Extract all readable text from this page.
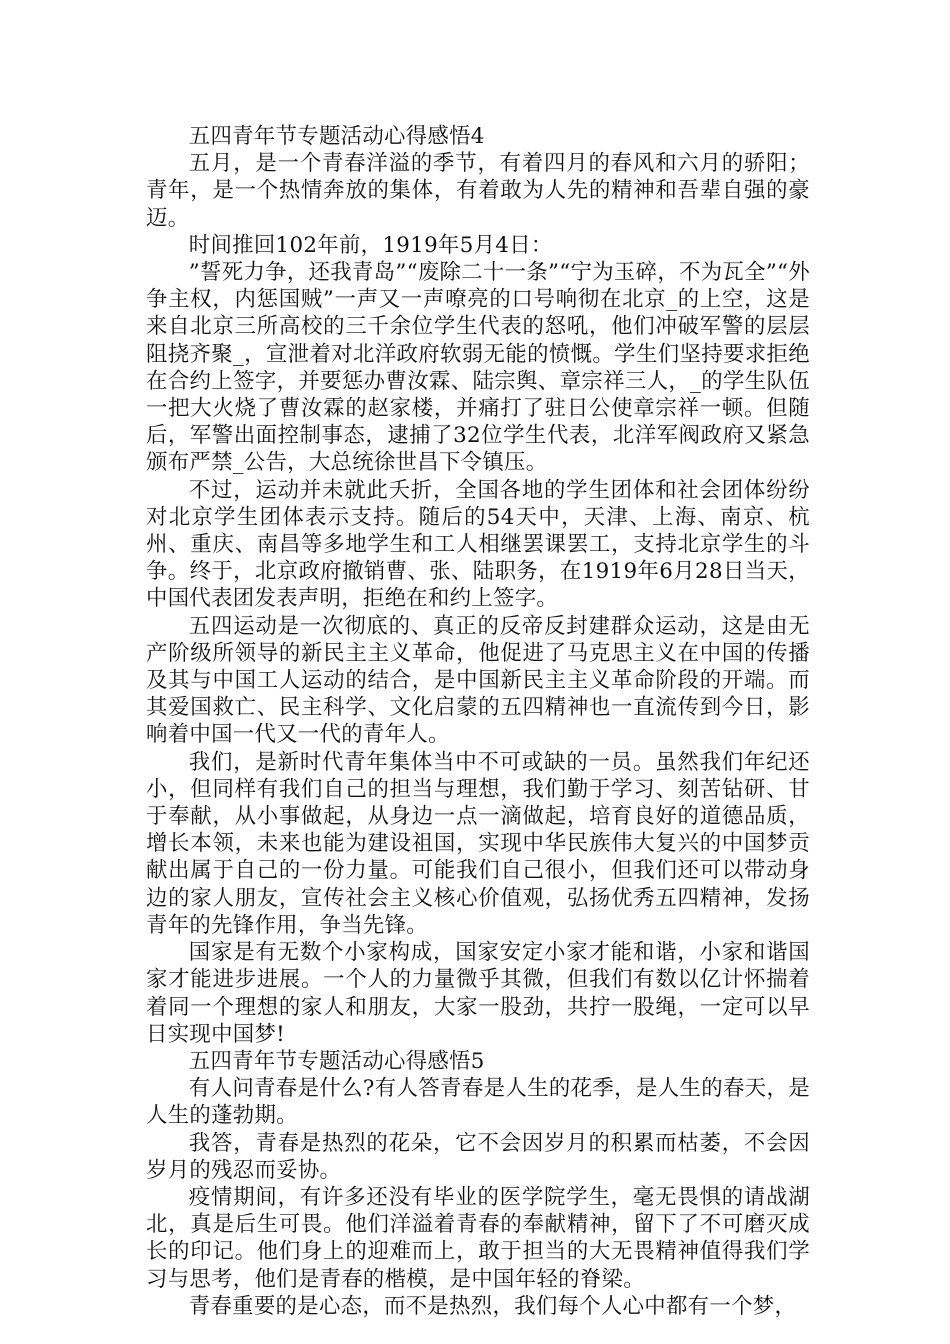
五四青年节专题活动心得感悟4

五月，是一个青春洋溢的季节，有着四月的春风和六月的骄阳；青年，是一个热情奔放的集体，有着敢为人先的精神和吾辈自强的豪迈。

时间推回102年前，1919年5月4日：

”誓死力争，还我青岛”“废除二十一条”“宁为玉碎，不为瓦全”“外争主权，内惩国贼”一声又一声嘹亮的口号响彻在北京_的上空，这是来自北京三所高校的三千余位学生代表的怒吼，他们冲破军警的层层阻挠齐聚_，宣泄着对北洋政府软弱无能的愤慨。学生们坚持要求拒绝在合约上签字，并要惩办曹汝霖、陆宗舆、章宗祥三人，_的学生队伍一把大火烧了曹汝霖的赵家楼，并痛打了驻日公使章宗祥一顿。但随后，军警出面控制事态，逮捕了32位学生代表，北洋军阀政府又紧急颁布严禁_公告，大总统徐世昌下令镇压。

不过，运动并未就此夭折，全国各地的学生团体和社会团体纷纷对北京学生团体表示支持。随后的54天中，天津、上海、南京、杭州、重庆、南昌等多地学生和工人相继罢课罢工，支持北京学生的斗争。终于，北京政府撤销曹、张、陆职务，在1919年6月28日当天，中国代表团发表声明，拒绝在和约上签字。

五四运动是一次彻底的、真正的反帝反封建群众运动，这是由无产阶级所领导的新民主主义革命，他促进了马克思主义在中国的传播及其与中国工人运动的结合，是中国新民主主义革命阶段的开端。而其爱国救亡、民主科学、文化启蒙的五四精神也一直流传到今日，影响着中国一代又一代的青年人。

我们，是新时代青年集体当中不可或缺的一员。虽然我们年纪还小，但同样有我们自己的担当与理想，我们勤于学习、刻苦钻研、甘于奉献，从小事做起，从身边一点一滴做起，培育良好的道德品质，增长本领，未来也能为建设祖国，实现中华民族伟大复兴的中国梦贡献出属于自己的一份力量。可能我们自己很小，但我们还可以带动身边的家人朋友，宣传社会主义核心价值观，弘扬优秀五四精神，发扬青年的先锋作用，争当先锋。

国家是有无数个小家构成，国家安定小家才能和谐，小家和谐国家才能进步进展。一个人的力量微乎其微，但我们有数以亿计怀揣着着同一个理想的家人和朋友，大家一股劲，共拧一股绳，一定可以早日实现中国梦!

五四青年节专题活动心得感悟5

有人问青春是什么?有人答青春是人生的花季，是人生的春天，是人生的蓬勃期。

我答，青春是热烈的花朵，它不会因岁月的积累而枯萎，不会因岁月的残忍而妥协。

疫情期间，有许多还没有毕业的医学院学生，毫无畏惧的请战湖北，真是后生可畏。他们洋溢着青春的奉献精神，留下了不可磨灭成长的印记。他们身上的迎难而上，敢于担当的大无畏精神值得我们学习与思考，他们是青春的楷模，是中国年轻的脊梁。

青春重要的是心态，而不是热烈，我们每个人心中都有一个梦，
